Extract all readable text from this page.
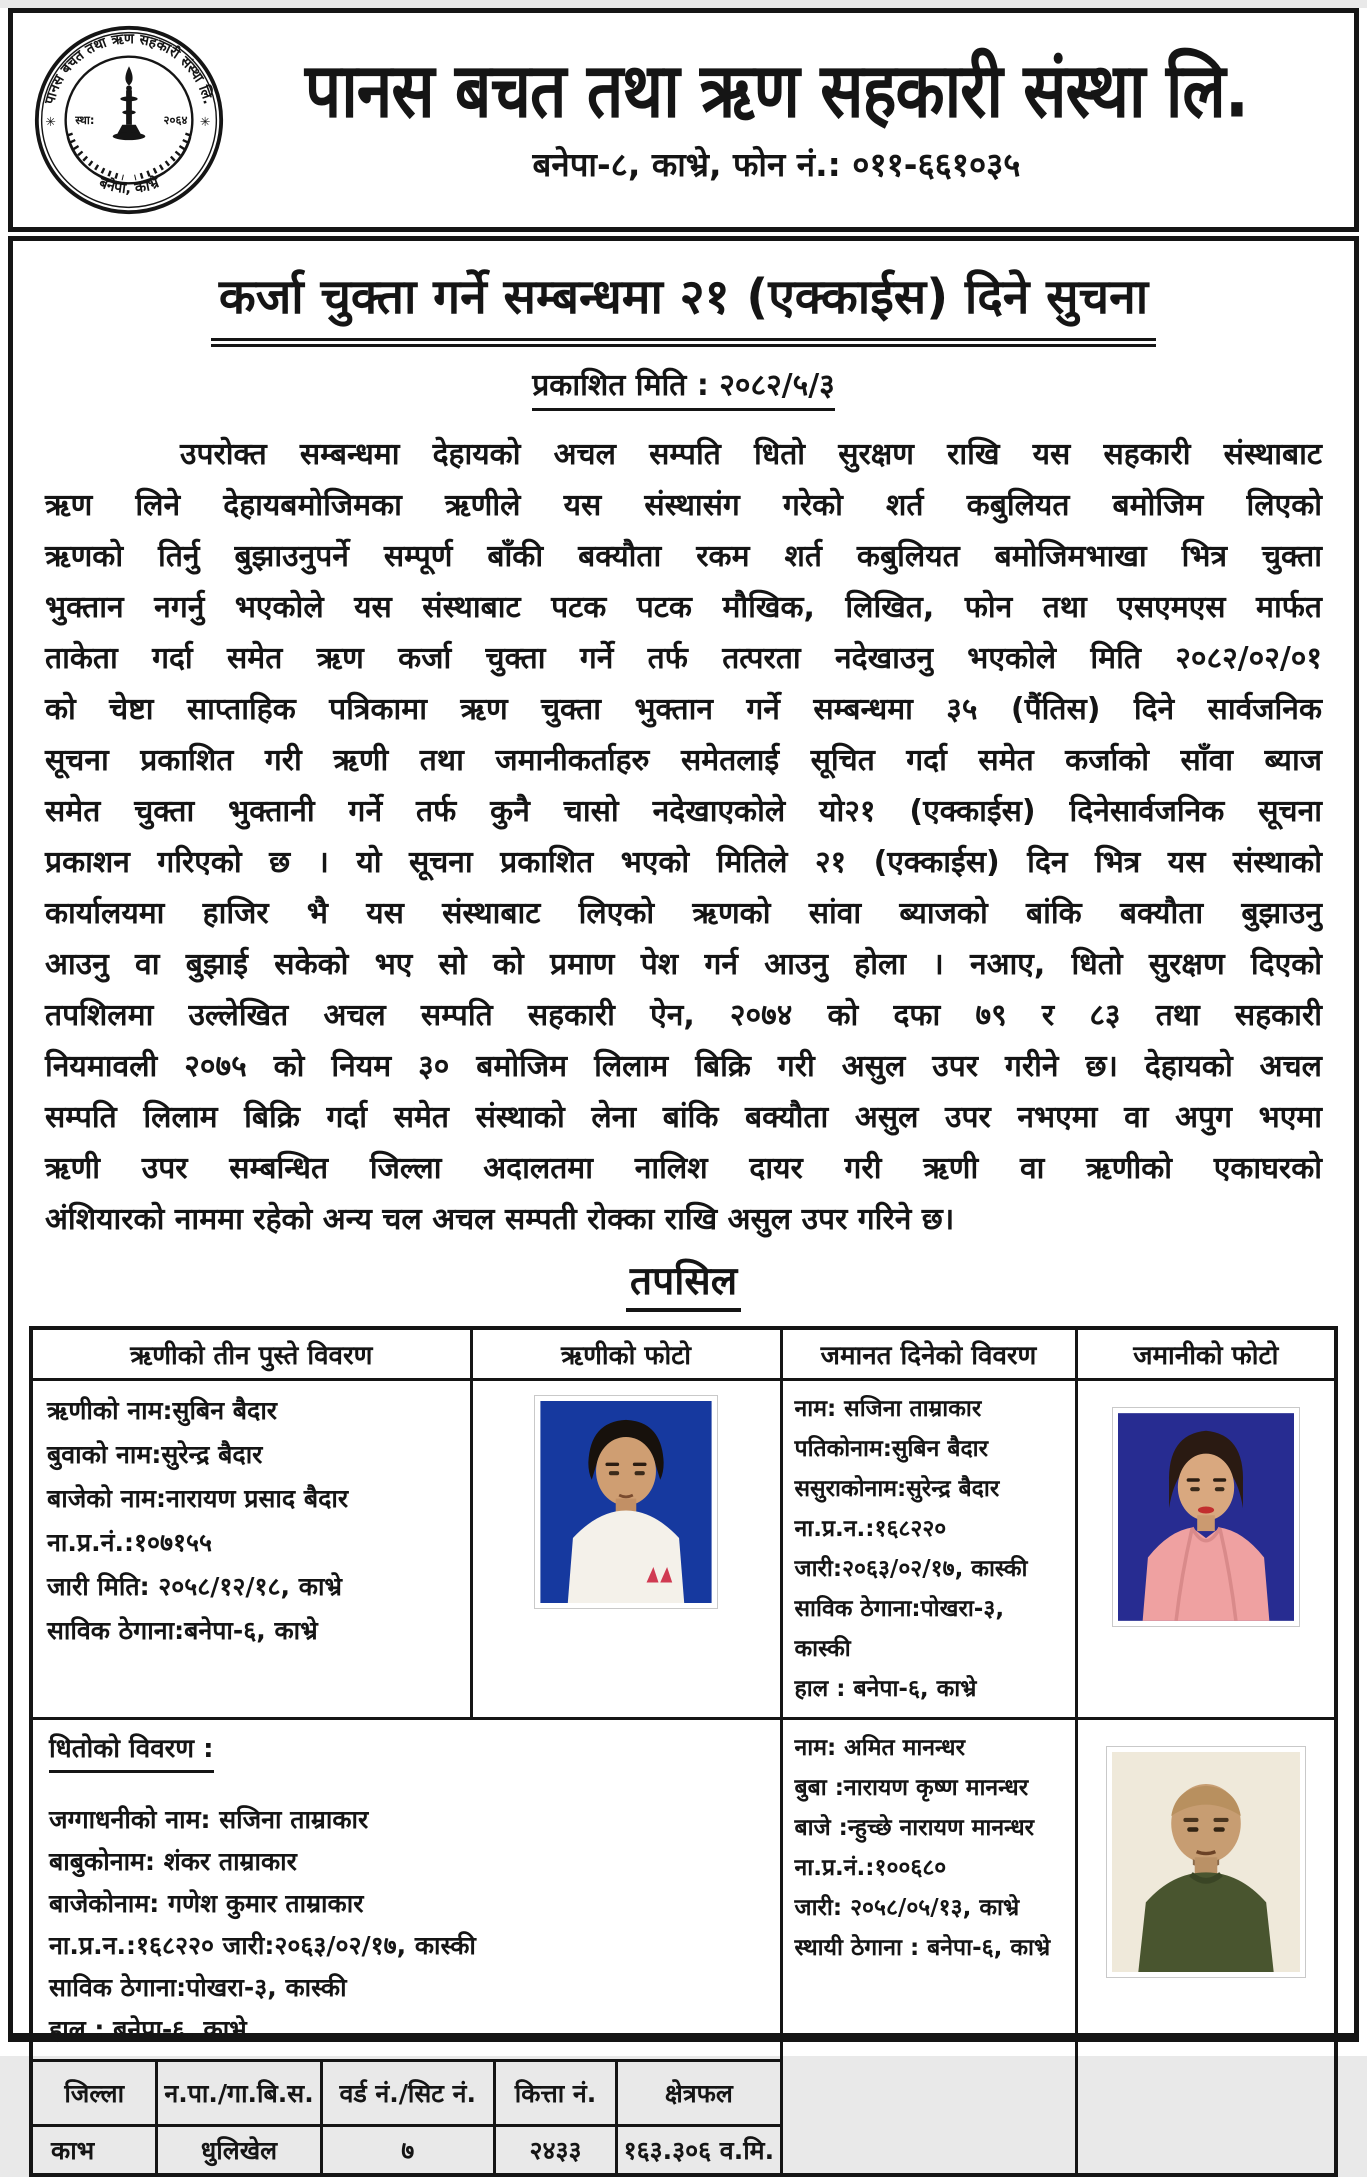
पानस बचत तथा ऋण सहकारी संस्था लि.
बनेपा, काभ्रे
✳	✳
स्था:	२०६४	पानस बचत तथा ऋण सहकारी संस्था लि.
बनेपा-८, काभ्रे, फोन नं.: ०११-६६१०३५
कर्जा चुक्ता गर्ने सम्बन्धमा २१ (एक्काईस) दिने सुचना
प्रकाशित मिति : २०८२/५/३
उपरोक्त सम्बन्धमा देहायको अचल सम्पति धितो सुरक्षण राखि यस सहकारी संस्थाबाट
ऋण लिने देहायबमोजिमका ऋणीले यस संस्थासंग गरेको शर्त कबुलियत बमोजिम लिएको
ऋणको तिर्नु बुझाउनुपर्ने सम्पूर्ण बाँकी बक्यौता रकम शर्त कबुलियत बमोजिमभाखा भित्र चुक्ता
भुक्तान नगर्नु भएकोले यस संस्थाबाट पटक पटक मौखिक, लिखित, फोन तथा एसएमएस मार्फत
ताकेता गर्दा समेत ऋण कर्जा चुक्ता गर्ने तर्फ तत्परता नदेखाउनु भएकोले मिति २०८२/०२/०१
को चेष्टा साप्ताहिक पत्रिकामा ऋण चुक्ता भुक्तान गर्ने सम्बन्धमा ३५ (पैंतिस) दिने सार्वजनिक
सूचना प्रकाशित गरी ऋणी तथा जमानीकर्ताहरु समेतलाई सूचित गर्दा समेत कर्जाको साँवा ब्याज
समेत चुक्ता भुक्तानी गर्ने तर्फ कुनै चासो नदेखाएकोले यो२१ (एक्काईस) दिनेसार्वजनिक सूचना
प्रकाशन गरिएको छ । यो सूचना प्रकाशित भएको मितिले २१ (एक्काईस) दिन भित्र यस संस्थाको
कार्यालयमा हाजिर भै यस संस्थाबाट लिएको ऋणको सांवा ब्याजको बांकि बक्यौता बुझाउनु
आउनु वा बुझाई सकेको भए सो को प्रमाण पेश गर्न आउनु होला । नआए, धितो सुरक्षण दिएको
तपशिलमा उल्लेखित अचल सम्पति सहकारी ऐन, २०७४ को दफा ७९ र ८३ तथा सहकारी
नियमावली २०७५ को नियम ३० बमोजिम लिलाम बिक्रि गरी असुल उपर गरीने छ। देहायको अचल
सम्पति लिलाम बिक्रि गर्दा समेत संस्थाको लेना बांकि बक्यौता असुल उपर नभएमा वा अपुग भएमा
ऋणी उपर सम्बन्धित जिल्ला अदालतमा नालिश दायर गरी ऋणी वा ऋणीको एकाघरको
अंशियारको नाममा रहेको अन्य चल अचल सम्पती रोक्का राखि असुल उपर गरिने छ।
तपसिल
ऋणीको तीन पुस्ते विवरण	ऋणीको फोटो	जमानत दिनेको विवरण	जमानीको फोटो

ऋणीको नाम:सुबिन बैदार
बुवाको नाम:सुरेन्द्र बैदार
बाजेको नाम:नारायण प्रसाद बैदार
ना.प्र.नं.:१०७१५५
जारी मिति: २०५८/१२/१८, काभ्रे
साविक ठेगाना:बनेपा-६, काभ्रे

नाम: सजिना ताम्राकार
पतिकोनाम:सुबिन बैदार
ससुराकोनाम:सुरेन्द्र बैदार
ना.प्र.न.:१६८२२०
जारी:२०६३/०२/१७, कास्की
साविक ठेगाना:पोखरा-३, कास्की
हाल : बनेपा-६, काभ्रे

धितोको विवरण :
जग्गाधनीको नाम: सजिना ताम्राकार
बाबुकोनाम: शंकर ताम्राकार
बाजेकोनाम: गणेश कुमार ताम्राकार
ना.प्र.न.:१६८२२० जारी:२०६३/०२/१७, कास्की
साविक ठेगाना:पोखरा-३, कास्की
हाल : बनेपा-६, काभ्रे

नाम: अमित मानन्धर
बुबा :नारायण कृष्ण मानन्धर
बाजे :न्हुच्छे नारायण मानन्धर
ना.प्र.नं.:१००६८०
जारी: २०५८/०५/१३, काभ्रे
स्थायी ठेगाना : बनेपा-६, काभ्रे

जिल्ला	न.पा./गा.बि.स.	वर्ड नं./सिट नं.	कित्ता नं.	क्षेत्रफल
काभ	धुलिखेल	७	२४३३	१६३.३०६ व.मि.
